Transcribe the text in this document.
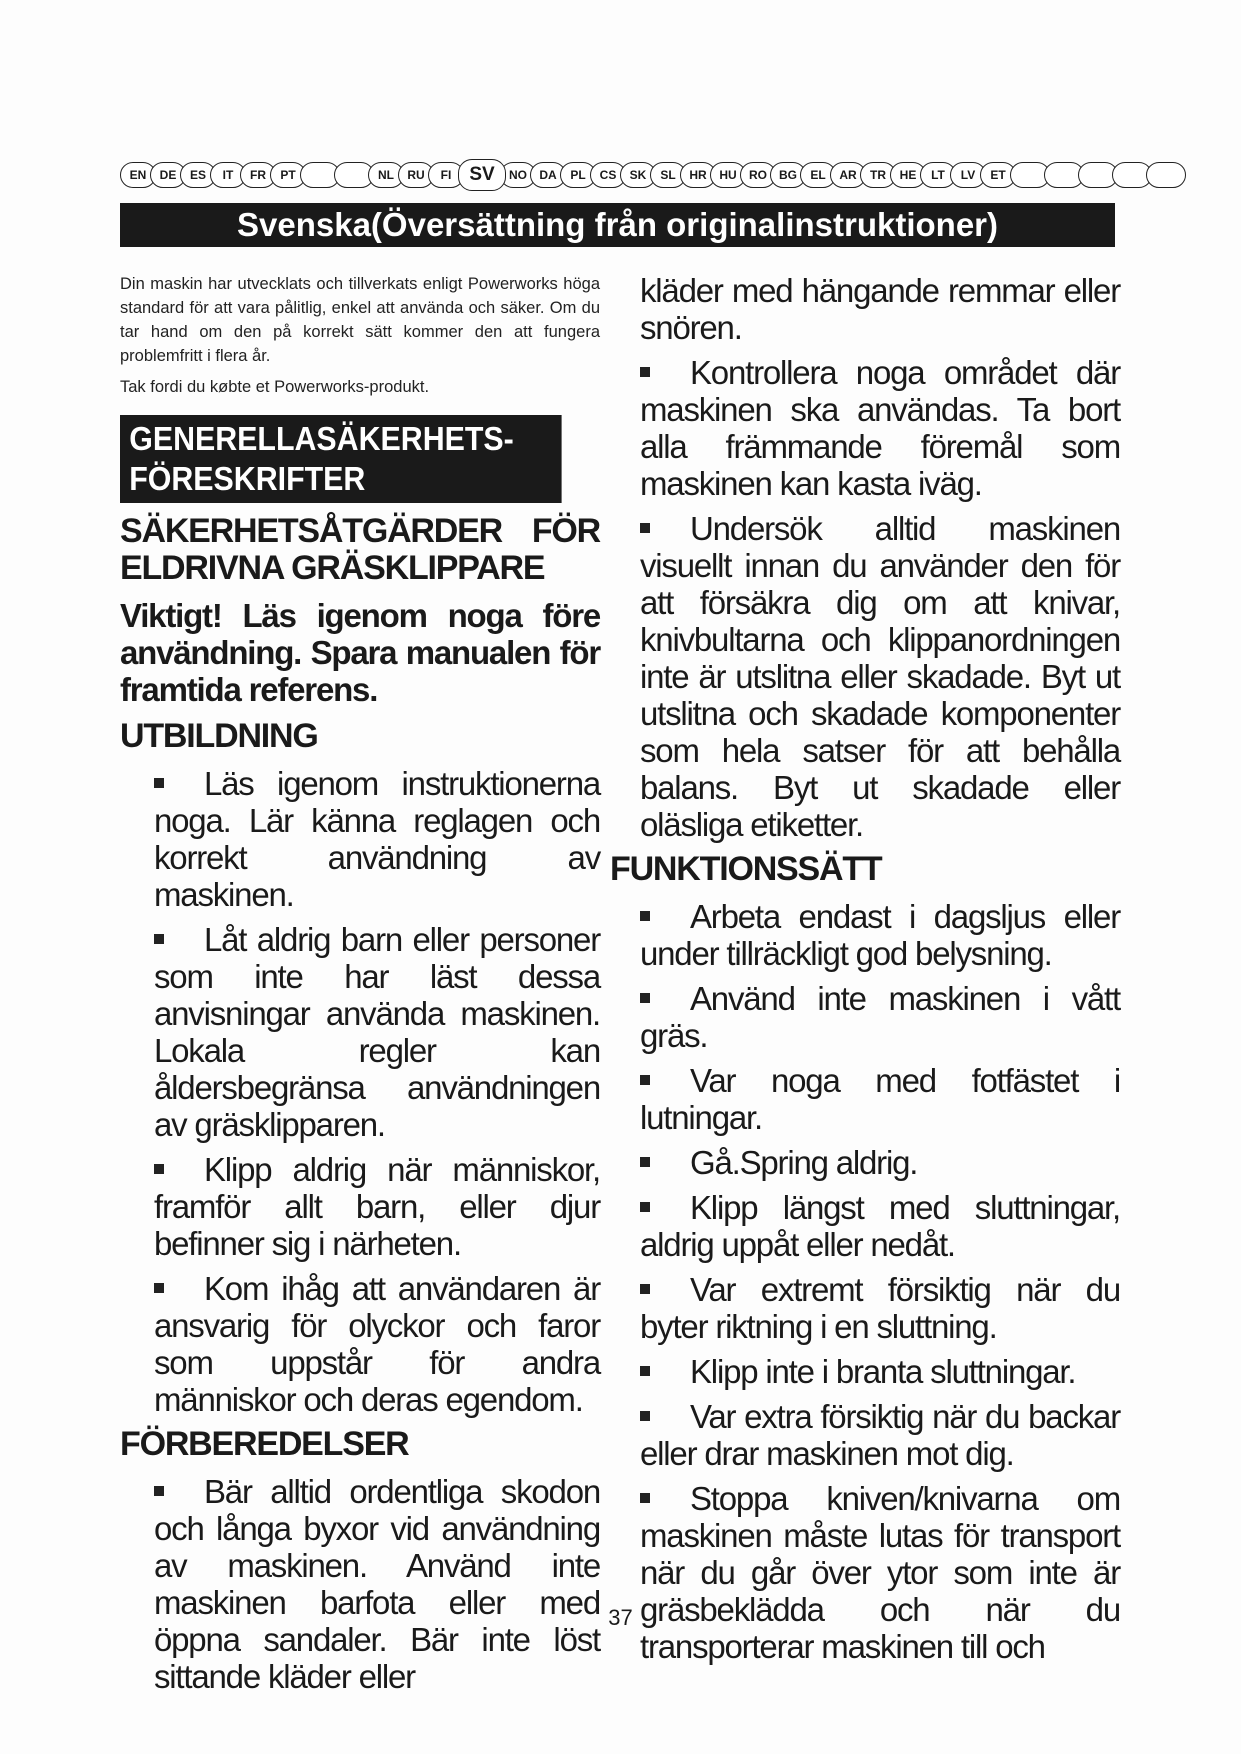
EN DE ES IT FR PT	NL RU FI SV NO DA PL CS SK SL HR HU RO BG EL AR TR HE LT LV ET
Svenska(Översättning från originalinstruktioner)

Din maskin har utvecklats och tillverkats enligt Powerworks höga standard för att vara pålitlig, enkel att använda och säker. Om du tar hand om den på korrekt sätt kommer den att fungera problemfritt i flera år.

Tak fordi du købte et Powerworks-produkt.

GENERELLASÄKERHETS-
FÖRESKRIFTER
SÄKERHETSÅTGÄRDER FÖR ELDRIVNA GRÄSKLIPPARE
Viktigt! Läs igenom noga före användning. Spara manualen för framtida referens.
UTBILDNING

Läs igenom instruktionerna noga. Lär känna reglagen och korrekt användning av maskinen.

Låt aldrig barn eller personer som inte har läst dessa anvisningar använda maskinen. Lokala regler kan åldersbegränsa användningen av gräsklipparen.

Klipp aldrig när människor, framför allt barn, eller djur befinner sig i närheten.

Kom ihåg att användaren är ansvarig för olyckor och faror som uppstår för andra människor och deras egendom.

FÖRBEREDELSER

Bär alltid ordentliga skodon och långa byxor vid användning av maskinen. Använd inte maskinen barfota eller med öppna sandaler. Bär inte löst sittande kläder eller

kläder med hängande remmar eller snören.

Kontrollera noga området där maskinen ska användas. Ta bort alla främmande föremål som maskinen kan kasta iväg.

Undersök alltid maskinen visuellt innan du använder den för att försäkra dig om att knivar, knivbultarna och klippanordningen inte är utslitna eller skadade. Byt ut utslitna och skadade komponenter som hela satser för att behålla balans. Byt ut skadade eller oläsliga etiketter.

FUNKTIONSSÄTT

Arbeta endast i dagsljus eller under tillräckligt god belysning.

Använd inte maskinen i vått gräs.

Var noga med fotfästet i lutningar.

Gå.Spring aldrig.

Klipp längst med sluttningar, aldrig uppåt eller nedåt.

Var extremt försiktig när du byter riktning i en sluttning.

Klipp inte i branta sluttningar.

Var extra försiktig när du backar eller drar maskinen mot dig.

Stoppa kniven/knivarna om maskinen måste lutas för transport när du går över ytor som inte är gräsbeklädda och när du transporterar maskinen till och

37
